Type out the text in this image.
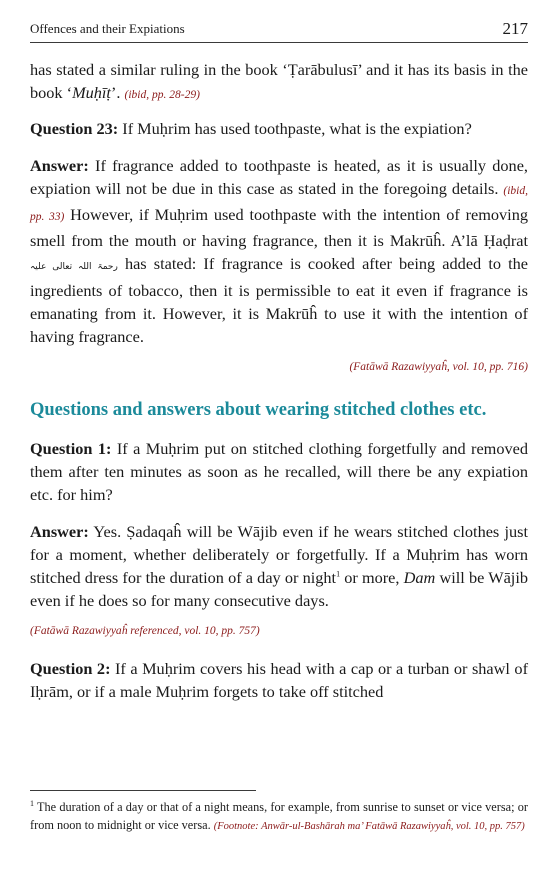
Offences and their Expiations	217

has stated a similar ruling in the book ‘Ṭarābulusī’ and it has its basis in the book ‘Muḥīṭ’. (ibid, pp. 28-29)

Question 23: If Muḥrim has used toothpaste, what is the expiation?

Answer: If fragrance added to toothpaste is heated, as it is usually done, expiation will not be due in this case as stated in the foregoing details. (ibid, pp. 33) However, if Muḥrim used toothpaste with the intention of removing smell from the mouth or having fragrance, then it is Makrūĥ. A’lā Ḥaḍrat رحمۃ اللہ تعالی علیہ has stated: If fragrance is cooked after being added to the ingredients of tobacco, then it is permissible to eat it even if fragrance is emanating from it. However, it is Makrūĥ to use it with the intention of having fragrance.

(Fatāwā Razawiyyaĥ, vol. 10, pp. 716)
Questions and answers about wearing stitched clothes etc.

Question 1: If a Muḥrim put on stitched clothing forgetfully and removed them after ten minutes as soon as he recalled, will there be any expiation etc. for him?

Answer: Yes. Ṣadaqaĥ will be Wājib even if he wears stitched clothes just for a moment, whether deliberately or forgetfully. If a Muḥrim has worn stitched dress for the duration of a day or night$^1$ or more, Dam will be Wājib even if he does so for many consecutive days.

(Fatāwā Razawiyyaĥ referenced, vol. 10, pp. 757)

Question 2: If a Muḥrim covers his head with a cap or a turban or shawl of Iḥrām, or if a male Muḥrim forgets to take off stitched

$^1$ The duration of a day or that of a night means, for example, from sunrise to sunset or vice versa; or from noon to midnight or vice versa. (Footnote: Anwār-ul-Bashārah ma’ Fatāwā Razawiyyaĥ, vol. 10, pp. 757)
